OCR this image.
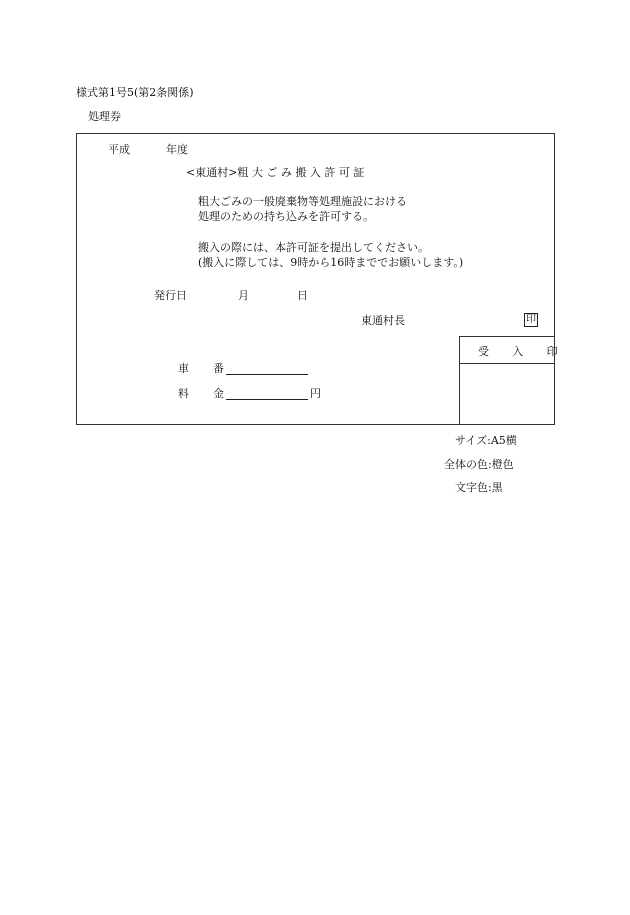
様式第1号5(第2条関係)
処理券
平成	年度
<東通村>粗 大 ご み 搬 入 許 可 証
粗大ごみの一般廃棄物等処理施設における
処理のための持ち込みを許可する。
搬入の際には、本許可証を提出してください。
(搬入に際しては、9時から16時まででお願いします。)
発行日	月	日
東通村長	印
受 入 印
車 番
料 金	円
サイズ:A5横
全体の色:橙色
文字色:黒
